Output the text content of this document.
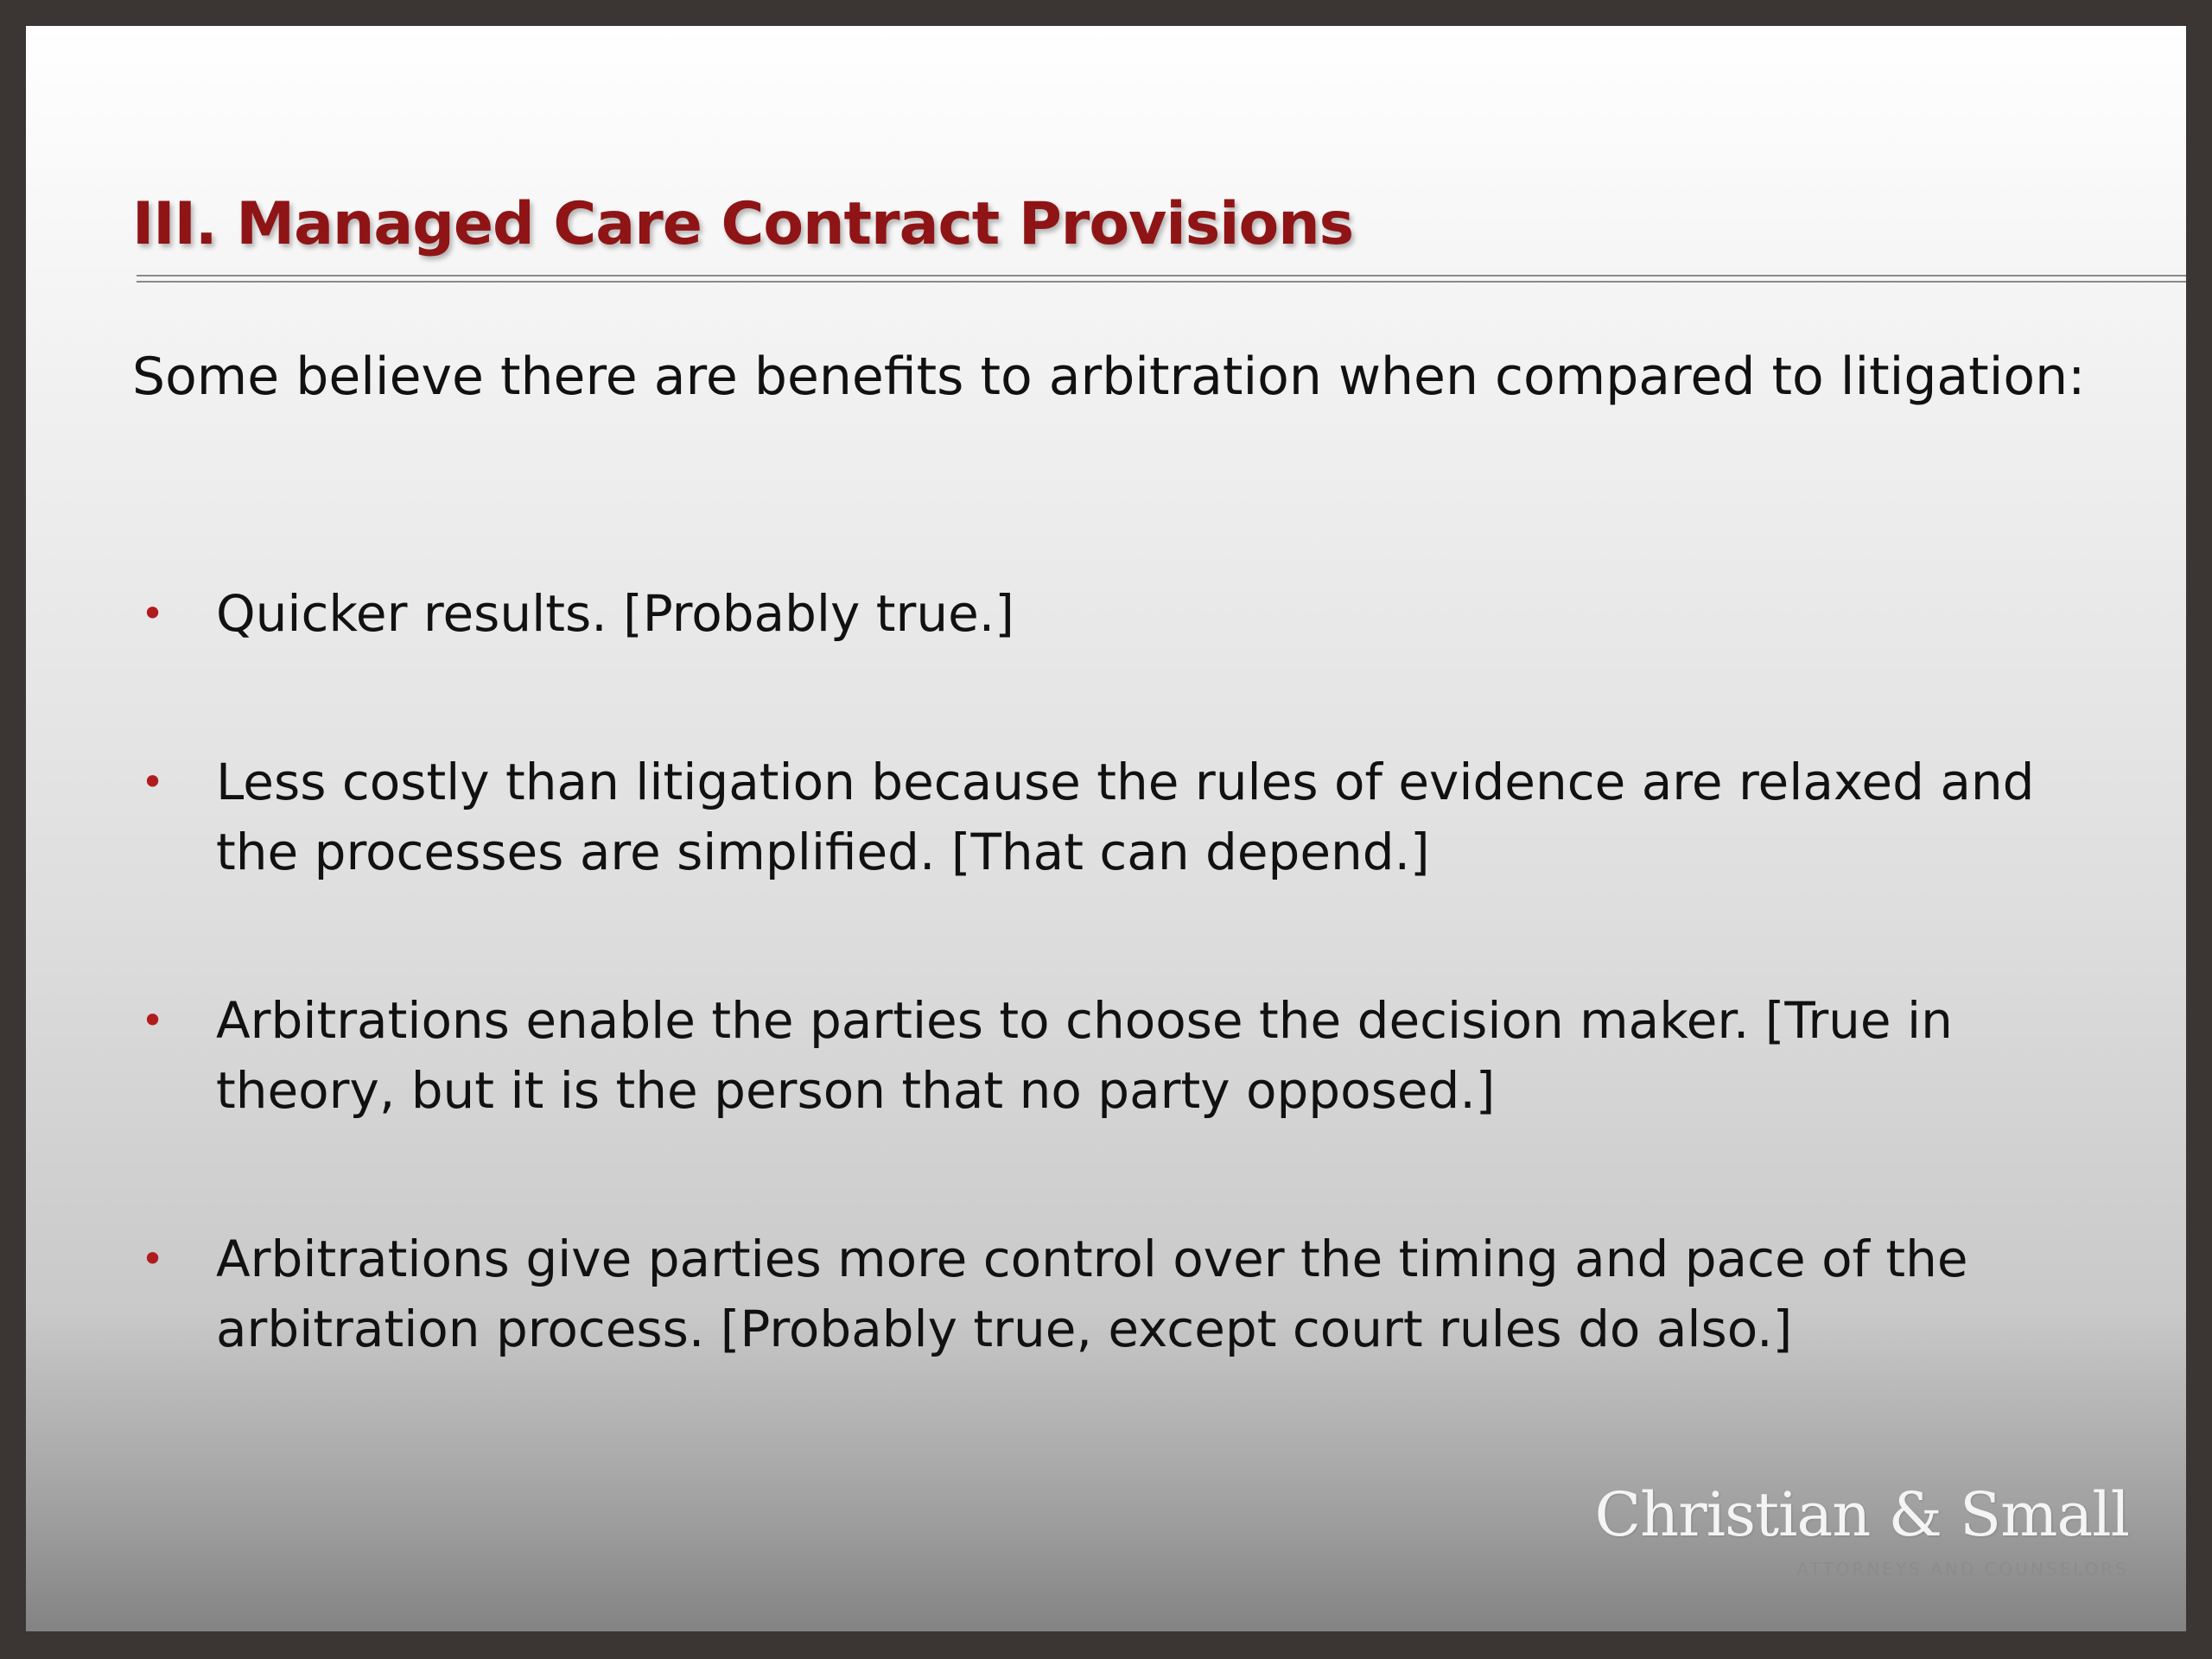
III. Managed Care Contract Provisions

Some believe there are benefits to arbitration when compared to litigation:

• Quicker results. [Probably true.]
• Less costly than litigation because the rules of evidence are relaxed and the processes are simplified. [That can depend.]
• Arbitrations enable the parties to choose the decision maker. [True in theory, but it is the person that no party opposed.]
• Arbitrations give parties more control over the timing and pace of the arbitration process. [Probably true, except court rules do also.]
Christian & Small
ATTORNEYS AND COUNSELORS
